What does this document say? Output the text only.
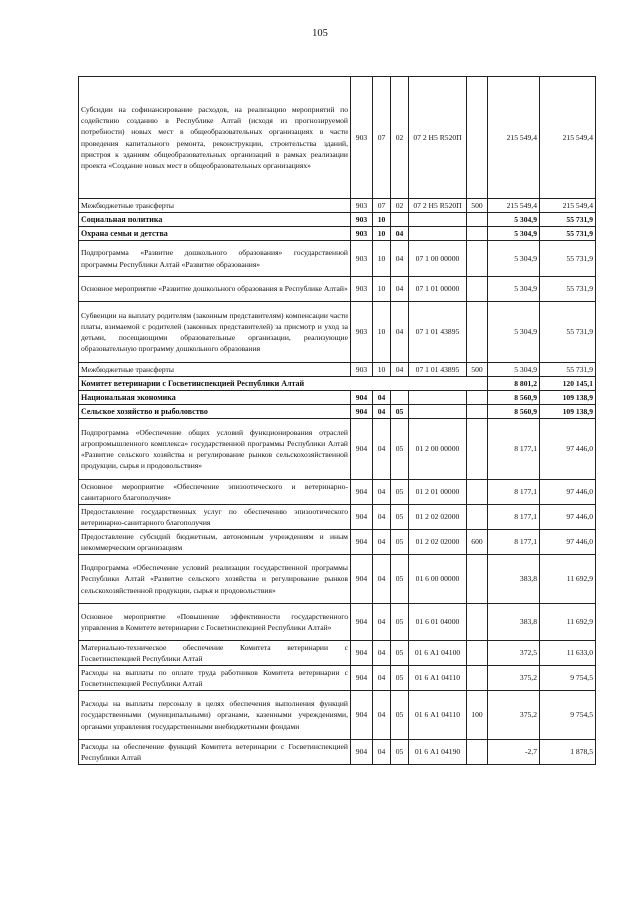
105
Субсидии на софинансирование расходов, на реализацию мероприятий по содействию созданию в Республике Алтай (исходя из прогнозируемой потребности) новых мест в общеобразовательных организациях в части проведения капитального ремонта, реконструкции, строительства зданий, пристроя к зданиям общеобразовательных организаций в рамках реализации проекта «Создание новых мест в общеобразовательных организациях»	903	07	02	07 2 Н5 R520П		215 549,4	215 549,4
Межбюджетные трансферты	903	07	02	07 2 Н5 R520П	500	215 549,4	215 549,4
Социальная политика	903	10				5 304,9	55 731,9
Охрана семьи и детства	903	10	04			5 304,9	55 731,9
Подпрограмма «Развитие дошкольного образования» государственной программы Республики Алтай «Развитие образования»	903	10	04	07 1 00 00000		5 304,9	55 731,9
Основное мероприятие «Развитие дошкольного образования в Республике Алтай»	903	10	04	07 1 01 00000		5 304,9	55 731,9
Субвенции на выплату родителям (законным представителям) компенсации части платы, взимаемой с родителей (законных представителей) за присмотр и уход за детьми, посещающими образовательные организации, реализующие образовательную программу дошкольного образования	903	10	04	07 1 01 43895		5 304,9	55 731,9
Межбюджетные трансферты	903	10	04	07 1 01 43895	500	5 304,9	55 731,9
Комитет ветеринарии с Госветинспекцией Республики Алтай						8 801,2	120 145,1
Национальная экономика	904	04				8 560,9	109 138,9
Сельское хозяйство и рыболовство	904	04	05			8 560,9	109 138,9
Подпрограмма «Обеспечение общих условий функционирования отраслей агропромышленного комплекса» государственной программы Республики Алтай «Развитие сельского хозяйства и регулирование рынков сельскохозяйственной продукции, сырья и продовольствия»	904	04	05	01 2 00 00000		8 177,1	97 446,0
Основное мероприятие «Обеспечение эпизоотического и ветеринарно-санитарного благополучия»	904	04	05	01 2 01 00000		8 177,1	97 446,0
Предоставление государственных услуг по обеспечению эпизоотического ветеринарно-санитарного благополучия	904	04	05	01 2 02 02000		8 177,1	97 446,0
Предоставление субсидий бюджетным, автономным учреждениям и иным некоммерческим организациям	904	04	05	01 2 02 02000	600	8 177,1	97 446,0
Подпрограмма «Обеспечение условий реализации государственной программы Республики Алтай «Развитие сельского хозяйства и регулирование рынков сельскохозяйственной продукции, сырья и продовольствия»	904	04	05	01 6 00 00000		383,8	11 692,9
Основное мероприятие «Повышение эффективности государственного управления в Комитете ветеринарии с Госветинспекцией Республики Алтай»	904	04	05	01 6 01 04000		383,8	11 692,9
Материально-техническое обеспечение Комитета ветеринарии с Госветинспекцией Республики Алтай	904	04	05	01 6 А1 04100		372,5	11 633,0
Расходы на выплаты по оплате труда работников Комитета ветеринарии с Госветинспекцией Республики Алтай	904	04	05	01 6 А1 04110		375,2	9 754,5
Расходы на выплаты персоналу в целях обеспечения выполнения функций государственными (муниципальными) органами, казенными учреждениями, органами управления государственными внебюджетными фондами	904	04	05	01 6 А1 04110	100	375,2	9 754,5
Расходы на обеспечение функций Комитета ветеринарии с Госветинспекцией Республики Алтай	904	04	05	01 6 А1 04190		-2,7	1 878,5
